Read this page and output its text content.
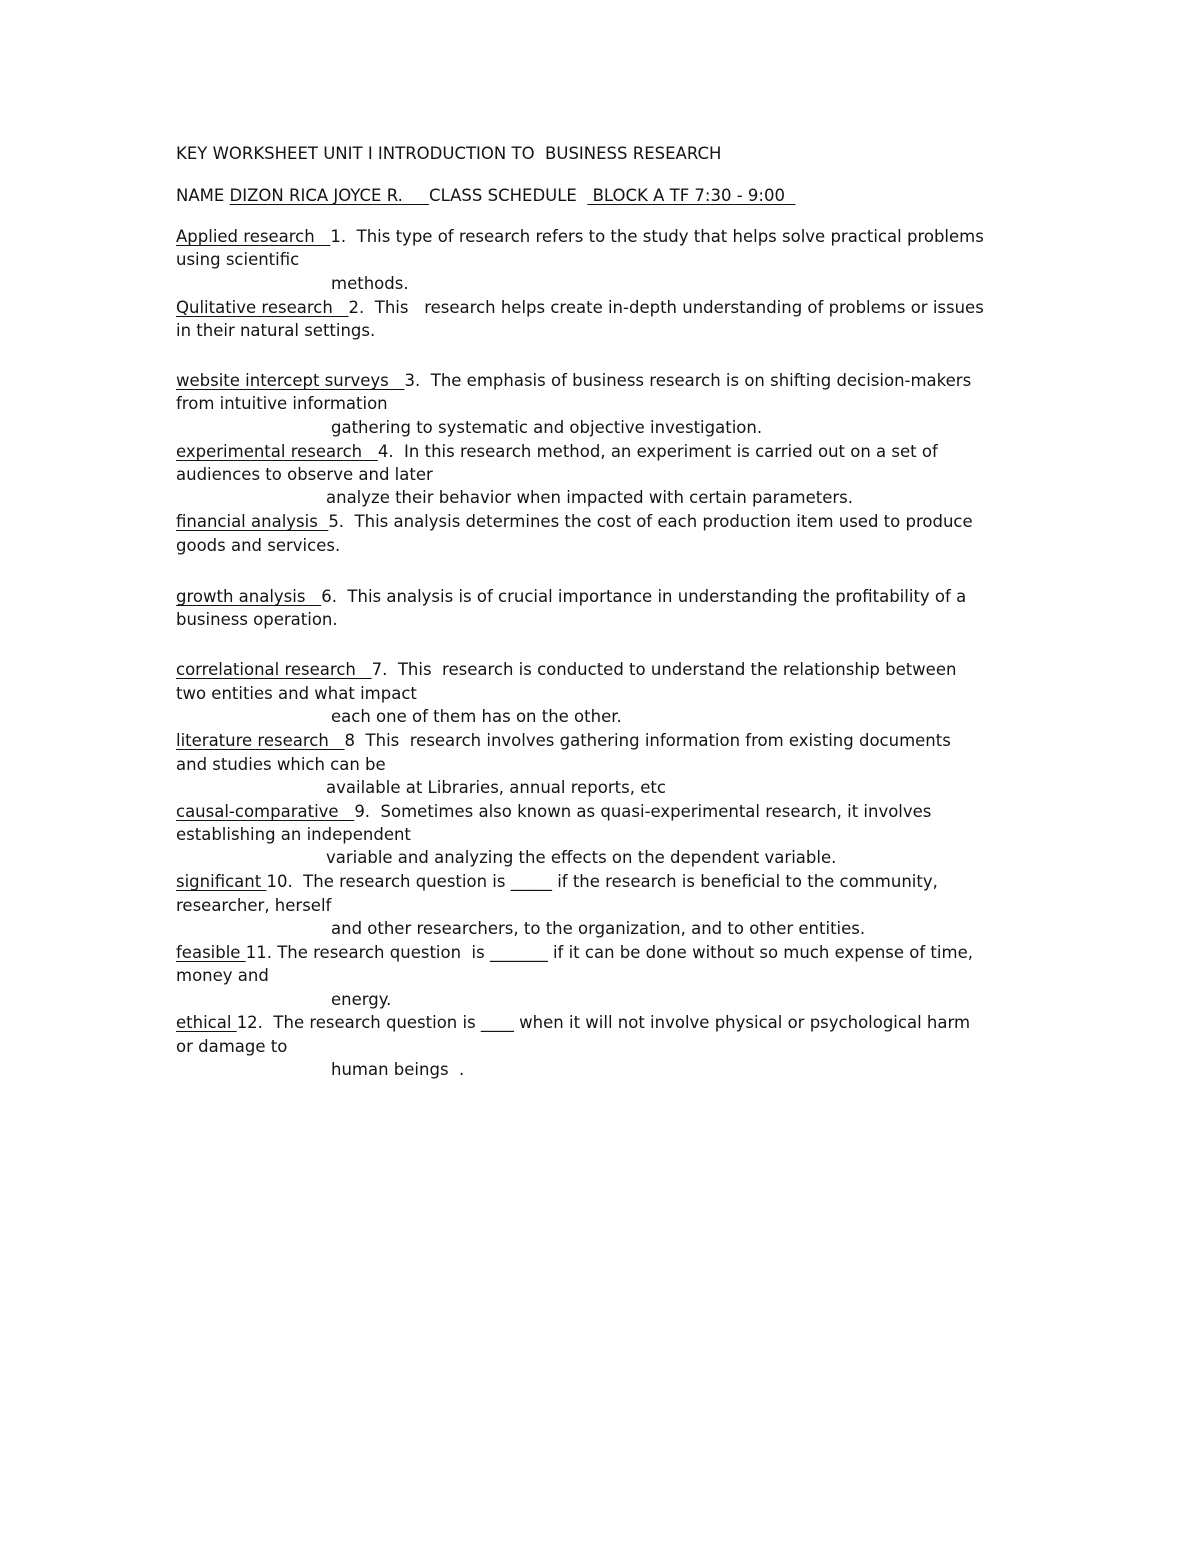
KEY WORKSHEET UNIT I INTRODUCTION TO  BUSINESS RESEARCH
NAME DIZON RICA JOYCE R.     CLASS SCHEDULE   BLOCK A TF 7:30 - 9:00
Applied research   1.  This type of research refers to the study that helps solve practical problems
using scientific
methods.
Qulitative research   2.  This   research helps create in-depth understanding of problems or issues
in their natural settings.
website intercept surveys   3.  The emphasis of business research is on shifting decision-makers
from intuitive information
gathering to systematic and objective investigation.
experimental research   4.  In this research method, an experiment is carried out on a set of
audiences to observe and later
analyze their behavior when impacted with certain parameters.
financial analysis  5.  This analysis determines the cost of each production item used to produce
goods and services.
growth analysis   6.  This analysis is of crucial importance in understanding the profitability of a
business operation.
correlational research   7.  This  research is conducted to understand the relationship between
two entities and what impact
each one of them has on the other.
literature research   8  This  research involves gathering information from existing documents
and studies which can be
available at Libraries, annual reports, etc
causal-comparative   9.  Sometimes also known as quasi-experimental research, it involves
establishing an independent
variable and analyzing the effects on the dependent variable.
significant 10.  The research question is _____ if the research is beneficial to the community,
researcher, herself
and other researchers, to the organization, and to other entities.
feasible 11. The research question  is _______ if it can be done without so much expense of time,
money and
energy.
ethical 12.  The research question is ____ when it will not involve physical or psychological harm
or damage to
human beings  .
